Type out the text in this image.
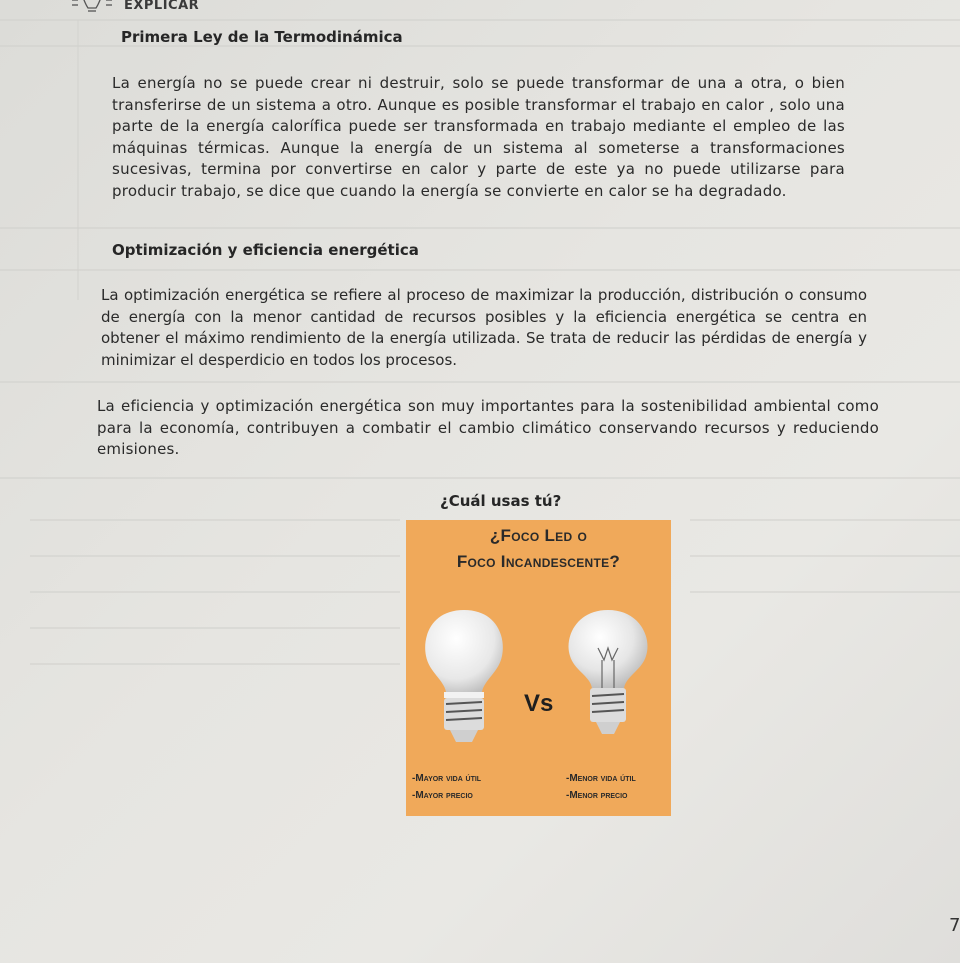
EXPLICAR
Primera Ley de la Termodinámica

La energía no se puede crear ni destruir, solo se puede transformar de una a otra, o bien transferirse de un sistema a otro. Aunque es posible transformar el trabajo en calor , solo una parte de la energía calorífica puede ser transformada en trabajo mediante el empleo de las máquinas térmicas. Aunque la energía de un sistema al someterse a transformaciones sucesivas, termina por convertirse en calor y parte de este ya no puede utilizarse para producir trabajo, se dice que cuando la energía se convierte en calor se ha degradado.

Optimización y eficiencia energética

La optimización energética se refiere al proceso de maximizar la producción, distribución o consumo de energía con la menor cantidad de recursos posibles y la eficiencia energética se centra en obtener el máximo rendimiento de la energía utilizada. Se trata de reducir las pérdidas de energía y minimizar el desperdicio en todos los procesos.

La eficiencia y optimización energética son muy importantes para la sostenibilidad ambiental como para la economía, contribuyen a combatir el cambio climático conservando recursos y reduciendo emisiones.

¿Cuál usas tú?
¿Foco Led o
Foco Incandescente?
Vs
-Mayor vida útil
-Mayor precio
-Menor vida útil
-Menor precio
7
